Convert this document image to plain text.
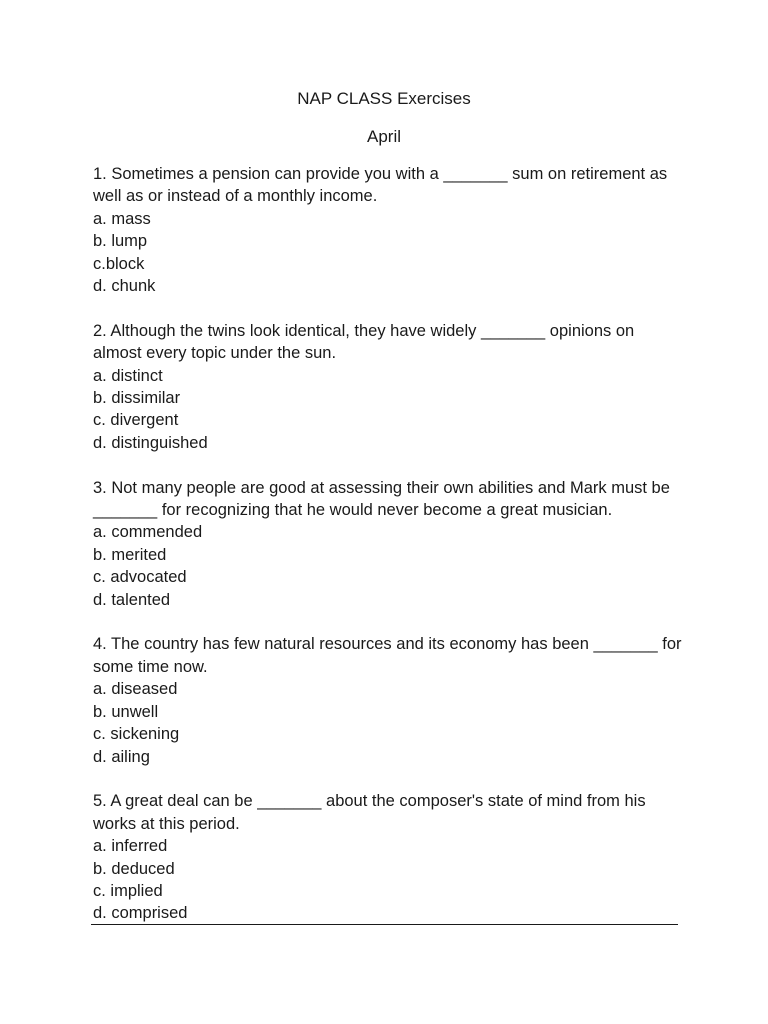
NAP CLASS Exercises
April

1. Sometimes a pension can provide you with a _______ sum on retirement as well as or instead of a monthly income.

a. mass

b. lump

c.block

d. chunk

2. Although the twins look identical, they have widely _______ opinions on almost every topic under the sun.

a. distinct

b. dissimilar

c. divergent

d. distinguished

3. Not many people are good at assessing their own abilities and Mark must be _______ for recognizing that he would never become a great musician.

a. commended

b. merited

c. advocated

d. talented

4. The country has few natural resources and its economy has been _______ for some time now.

a. diseased

b. unwell

c. sickening

d. ailing

5. A great deal can be _______ about the composer's state of mind from his works at this period.

a. inferred

b. deduced

c. implied

d. comprised
